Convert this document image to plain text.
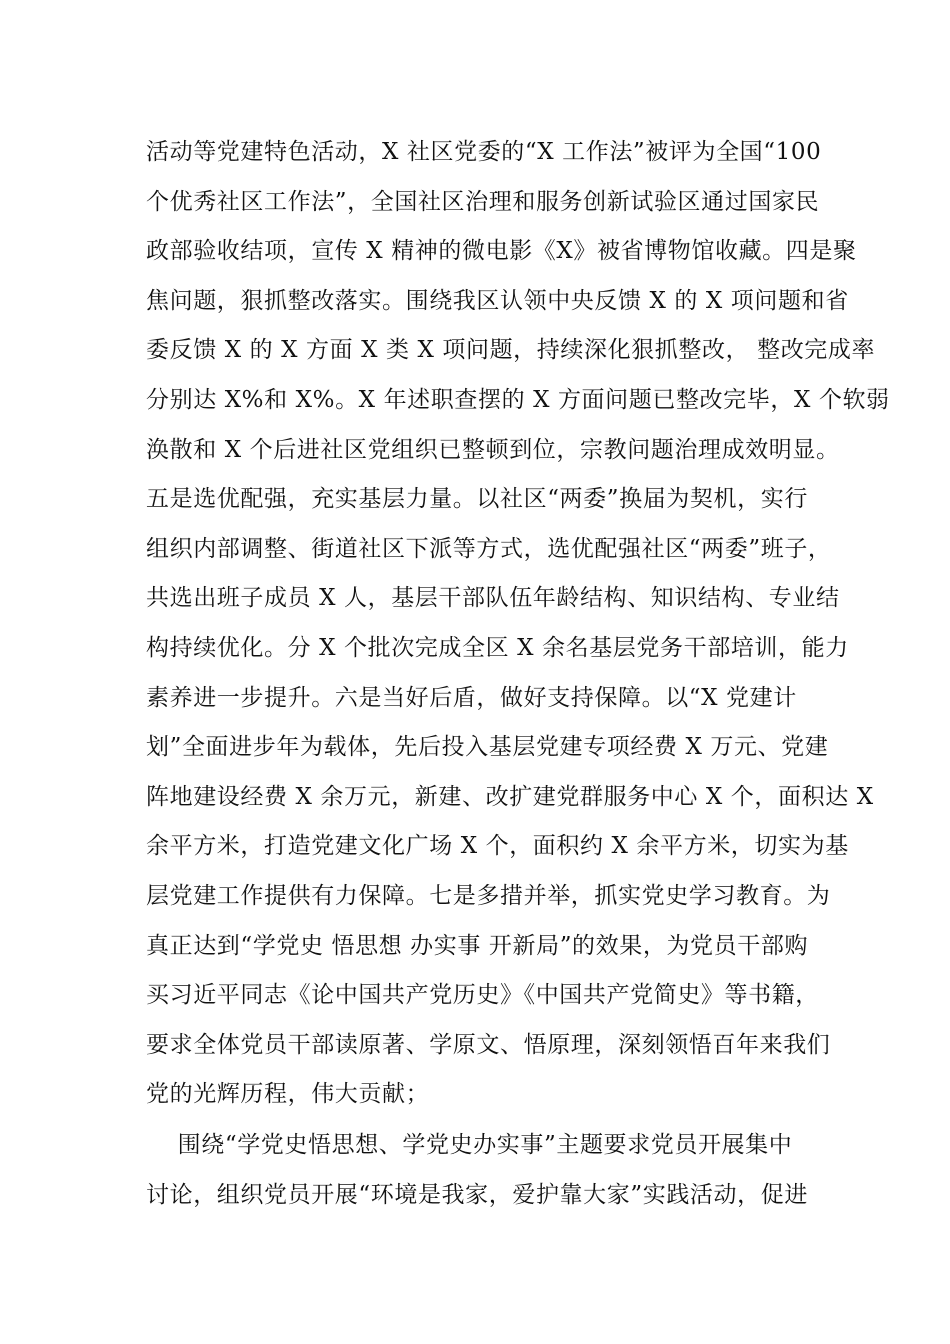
活动等党建特色活动，X 社区党委的“X 工作法”被评为全国“100
个优秀社区工作法”，全国社区治理和服务创新试验区通过国家民
政部验收结项，宣传 X 精神的微电影《X》被省博物馆收藏。四是聚
焦问题，狠抓整改落实。围绕我区认领中央反馈 X 的 X 项问题和省
委反馈 X 的 X 方面 X 类 X 项问题，持续深化狠抓整改， 整改完成率
分别达 X%和 X%。X 年述职查摆的 X 方面问题已整改完毕，X 个软弱
涣散和 X 个后进社区党组织已整顿到位，宗教问题治理成效明显。
五是选优配强，充实基层力量。以社区“两委”换届为契机，实行
组织内部调整、街道社区下派等方式，选优配强社区“两委”班子，
共选出班子成员 X 人，基层干部队伍年龄结构、知识结构、专业结
构持续优化。分 X 个批次完成全区 X 余名基层党务干部培训，能力
素养进一步提升。六是当好后盾，做好支持保障。以“X 党建计
划”全面进步年为载体，先后投入基层党建专项经费 X 万元、党建
阵地建设经费 X 余万元，新建、改扩建党群服务中心 X 个，面积达 X
余平方米，打造党建文化广场 X 个，面积约 X 余平方米，切实为基
层党建工作提供有力保障。七是多措并举，抓实党史学习教育。为
真正达到“学党史 悟思想 办实事 开新局”的效果，为党员干部购
买习近平同志《论中国共产党历史》《中国共产党简史》等书籍，
要求全体党员干部读原著、学原文、悟原理，深刻领悟百年来我们
党的光辉历程，伟大贡献；
围绕“学党史悟思想、学党史办实事”主题要求党员开展集中
讨论，组织党员开展“环境是我家，爱护靠大家”实践活动，促进
